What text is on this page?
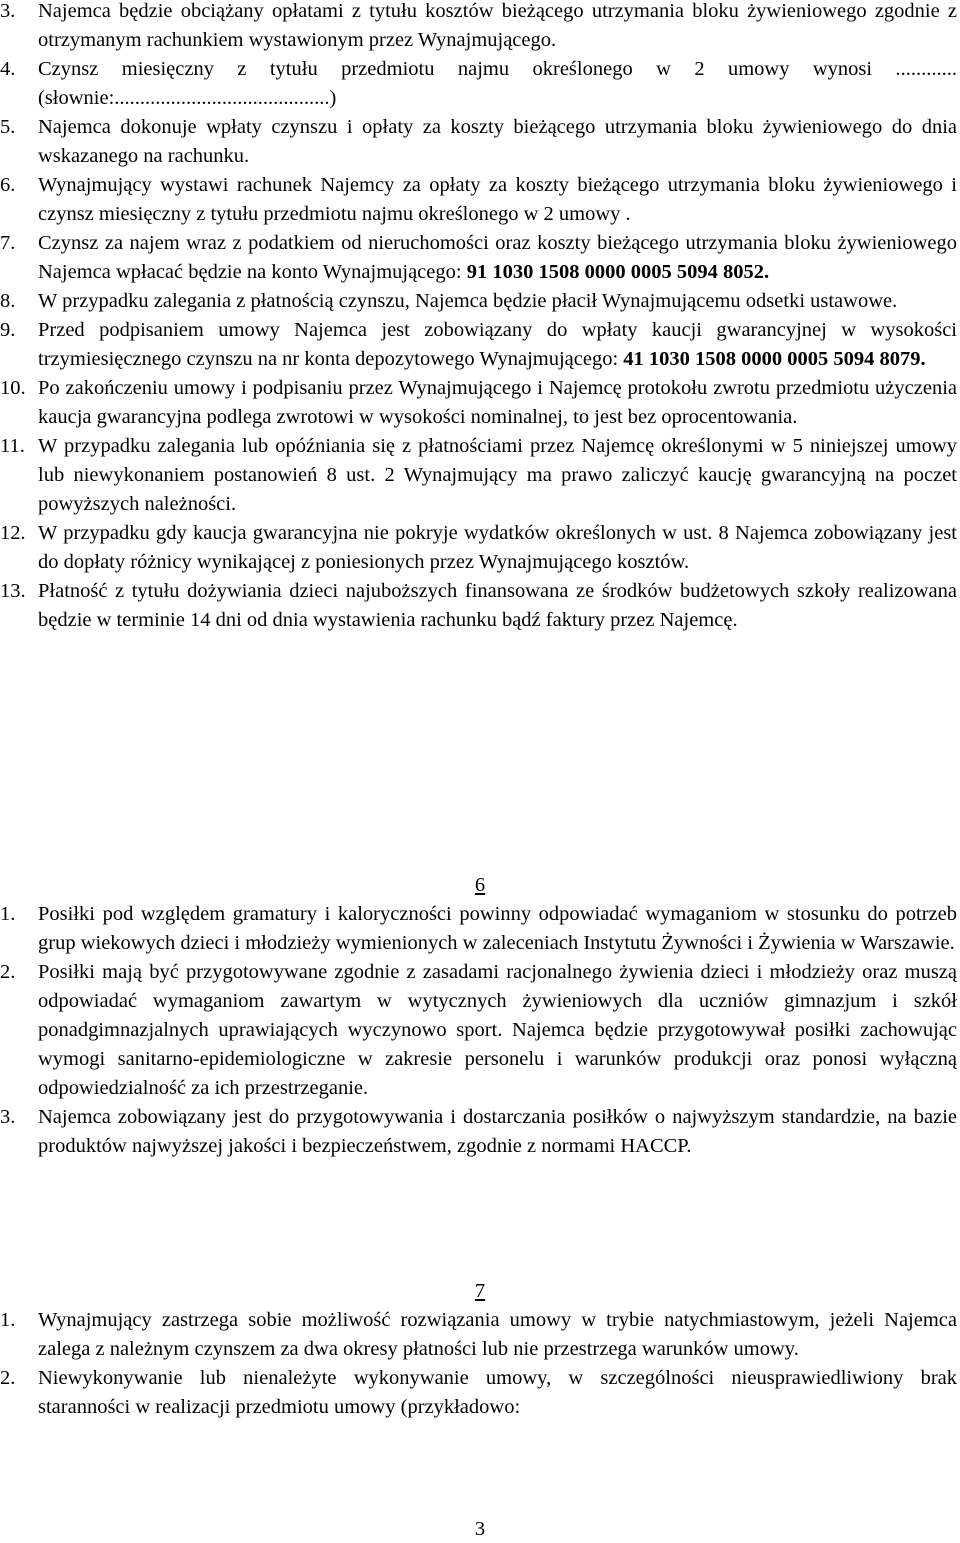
3.	Najemca będzie obciążany opłatami z tytułu kosztów bieżącego utrzymania bloku żywieniowego zgodnie z otrzymanym rachunkiem wystawionym przez Wynajmującego.
4.	Czynsz miesięczny z tytułu przedmiotu najmu określonego w 2 umowy wynosi ............ (słownie:..........................................)
5.	Najemca dokonuje wpłaty czynszu i opłaty za koszty bieżącego utrzymania bloku żywieniowego do dnia wskazanego na rachunku.
6.	Wynajmujący wystawi rachunek Najemcy za opłaty za koszty bieżącego utrzymania bloku żywieniowego i czynsz miesięczny z tytułu przedmiotu najmu określonego w 2 umowy .
7.	Czynsz za najem wraz z podatkiem od nieruchomości oraz koszty bieżącego utrzymania bloku żywieniowego Najemca wpłacać będzie na konto Wynajmującego: 91 1030 1508 0000 0005 5094 8052.
8.	W przypadku zalegania z płatnością czynszu, Najemca będzie płacił Wynajmującemu odsetki ustawowe.
9.	Przed podpisaniem umowy Najemca jest zobowiązany do wpłaty kaucji gwarancyjnej w wysokości trzymiesięcznego czynszu na nr konta depozytowego Wynajmującego: 41 1030 1508 0000 0005 5094 8079.
10. Po zakończeniu umowy i podpisaniu przez Wynajmującego i Najemcę protokołu zwrotu przedmiotu użyczenia kaucja gwarancyjna podlega zwrotowi w wysokości nominalnej, to jest bez oprocentowania.
11. W przypadku zalegania lub opóźniania się z płatnościami przez Najemcę określonymi w 5 niniejszej umowy lub niewykonaniem postanowień 8 ust. 2 Wynajmujący ma prawo zaliczyć kaucję gwarancyjną na poczet powyższych należności.
12. W przypadku gdy kaucja gwarancyjna nie pokryje wydatków określonych w ust. 8 Najemca zobowiązany jest do dopłaty różnicy wynikającej z poniesionych przez Wynajmującego kosztów.
13. Płatność z tytułu dożywiania dzieci najuboższych finansowana ze środków budżetowych szkoły realizowana będzie w terminie 14 dni od dnia wystawienia rachunku bądź faktury przez Najemcę.

6

1.	Posiłki pod względem gramatury i kaloryczności powinny odpowiadać wymaganiom w stosunku do potrzeb grup wiekowych dzieci i młodzieży wymienionych w zaleceniach Instytutu Żywności i Żywienia w Warszawie.
2.	Posiłki mają być przygotowywane zgodnie z zasadami racjonalnego żywienia dzieci i młodzieży oraz muszą odpowiadać wymaganiom zawartym w wytycznych żywieniowych dla uczniów gimnazjum i szkół ponadgimnazjalnych uprawiających wyczynowo sport. Najemca będzie przygotowywał posiłki zachowując wymogi sanitarno-epidemiologiczne w zakresie personelu i warunków produkcji oraz ponosi wyłączną odpowiedzialność za ich przestrzeganie.
3.	Najemca zobowiązany jest do przygotowywania i dostarczania posiłków o najwyższym standardzie, na bazie produktów najwyższej jakości i bezpieczeństwem, zgodnie z normami HACCP.

7

1.	Wynajmujący zastrzega sobie możliwość rozwiązania umowy w trybie natychmiastowym, jeżeli Najemca zalega z należnym czynszem za dwa okresy płatności lub nie przestrzega warunków umowy.
2.	Niewykonywanie lub nienależyte wykonywanie umowy, w szczególności nieusprawiedliwiony brak staranności w realizacji przedmiotu umowy (przykładowo:
3
